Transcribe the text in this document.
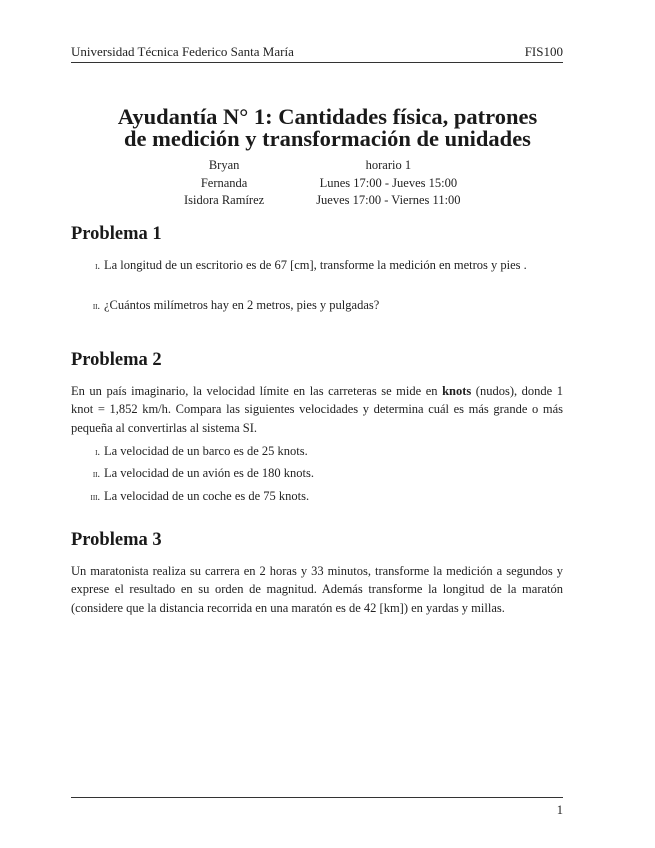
Universidad Técnica Federico Santa María	FIS100
Ayudantía N° 1: Cantidades física, patrones
de medición y transformación de unidades
Bryan	horario 1
Fernanda	Lunes 17:00 - Jueves 15:00
Isidora Ramírez	Jueves 17:00 - Viernes 11:00
Problema 1
i. La longitud de un escritorio es de 67 [cm], transforme la medición en metros y pies .
ii. ¿Cuántos milímetros hay en 2 metros, pies y pulgadas?
Problema 2
En un país imaginario, la velocidad límite en las carreteras se mide en knots (nudos), donde 1 knot = 1,852 km/h. Compara las siguientes velocidades y determina cuál es más grande o más pequeña al convertirlas al sistema SI.
i. La velocidad de un barco es de 25 knots.
ii. La velocidad de un avión es de 180 knots.
iii. La velocidad de un coche es de 75 knots.
Problema 3
Un maratonista realiza su carrera en 2 horas y 33 minutos, transforme la medición a segundos y exprese el resultado en su orden de magnitud. Además transforme la longitud de la maratón (considere que la distancia recorrida en una maratón es de 42 [km]) en yardas y millas.
1
